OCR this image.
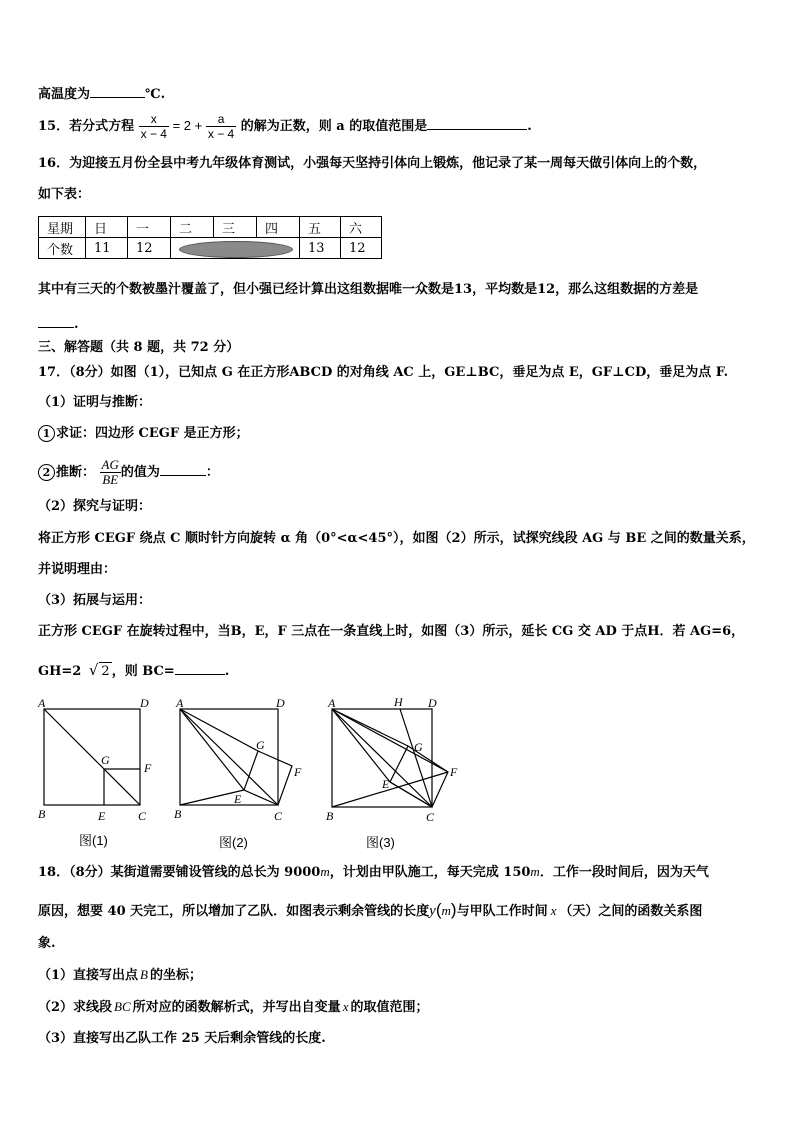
高温度为	℃.
15．若分式方程 $\frac{x}{x - 4} = 2 + \frac{a}{x - 4}$ 的解为正数，则 a 的取值范围是	.
16．为迎接五月份全县中考九年级体育测试，小强每天坚持引体向上锻炼，他记录了某一周每天做引体向上的个数，
如下表：
星期	日	一	二	三	四	五	六
个数	11	12				13	12
其中有三天的个数被墨汁覆盖了，但小强已经计算出这组数据唯一众数是13，平均数是12，那么这组数据的方差是
.
三、解答题（共 8 题，共 72 分）
17．（8分）如图（1），已知点 G 在正方形ABCD 的对角线 AC 上，GE⊥BC，垂足为点 E，GF⊥CD，垂足为点 F.
（1）证明与推断：
1 求证：四边形 CEGF 是正方形；
2 推断： $\frac{AG}{BE}$ 的值为	：
（2）探究与证明：
将正方形 CEGF 绕点 C 顺时针方向旋转 α 角（0°<α<45°），如图（2）所示，试探究线段 AG 与 BE 之间的数量关系，
并说明理由：
（3）拓展与运用：
正方形 CEGF 在旋转过程中，当B，E，F 三点在一条直线上时，如图（3）所示，延长 CG 交 AD 于点H．若 AG=6，
GH=2 √ 2 ，则 BC=	.
A	D
B	C
E
F
G
图(1)
A	D
B	C
E
F
G
图(2)
A	H D
B	C
E
F
G
图(3)
18．（8分）某街道需要铺设管线的总长为 9000m，计划由甲队施工，每天完成 150m．工作一段时间后，因为天气
原因，想要 40 天完工，所以增加了乙队．如图表示剩余管线的长度y(m)与甲队工作时间 x （天）之间的函数关系图
象.
（1）直接写出点 B 的坐标；
（2）求线段 BC 所对应的函数解析式，并写出自变量 x 的取值范围；
（3）直接写出乙队工作 25 天后剩余管线的长度.
